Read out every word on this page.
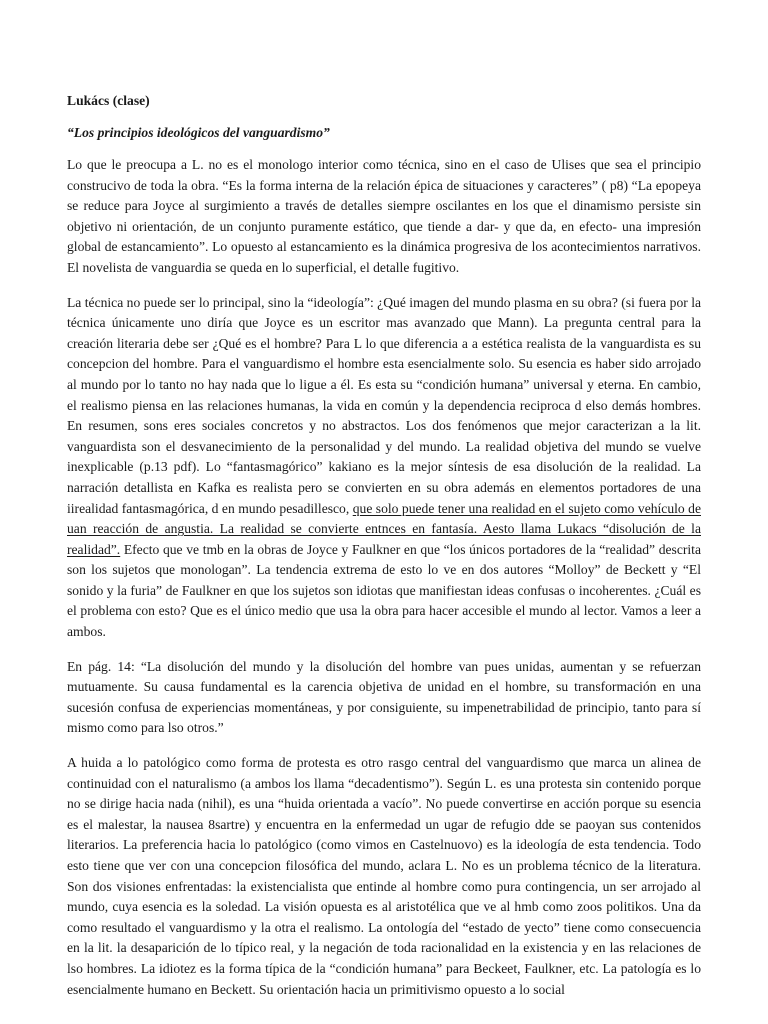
Lukács (clase)
“Los principios ideológicos del vanguardismo”

Lo que le preocupa a L. no es el monologo interior como técnica, sino en el caso de Ulises que sea el principio construcivo de toda la obra. “Es la forma interna de la relación épica de situaciones y caracteres” ( p8) “La epopeya se reduce para Joyce al surgimiento a través de detalles siempre oscilantes en los que el dinamismo persiste sin objetivo ni orientación, de un conjunto puramente estático, que tiende a dar- y que da, en efecto- una impresión global de estancamiento”. Lo opuesto al estancamiento es la dinámica progresiva de los acontecimientos narrativos. El novelista de vanguardia se queda en lo superficial, el detalle fugitivo.

La técnica no puede ser lo principal, sino la “ideología”: ¿Qué imagen del mundo plasma en su obra? (si fuera por la técnica únicamente uno diría que Joyce es un escritor mas avanzado que Mann). La pregunta central para la creación literaria debe ser ¿Qué es el hombre? Para L lo que diferencia a a estética realista de la vanguardista es su concepcion del hombre. Para el vanguardismo el hombre esta esencialmente solo. Su esencia es haber sido arrojado al mundo por lo tanto no hay nada que lo ligue a él. Es esta su “condición humana” universal y eterna. En cambio, el realismo piensa en las relaciones humanas, la vida en común y la dependencia reciproca d elso demás hombres. En resumen, sons eres sociales concretos y no abstractos. Los dos fenómenos que mejor caracterizan a la lit. vanguardista son el desvanecimiento de la personalidad y del mundo. La realidad objetiva del mundo se vuelve inexplicable (p.13 pdf). Lo “fantasmagórico” kakiano es la mejor síntesis de esa disolución de la realidad. La narración detallista en Kafka es realista pero se convierten en su obra además en elementos portadores de una iirealidad fantasmagórica, d en mundo pesadillesco, que solo puede tener una realidad en el sujeto como vehículo de uan reacción de angustia. La realidad se convierte entnces en fantasía. Aesto llama Lukacs “disolución de la realidad”. Efecto que ve tmb en la obras de Joyce y Faulkner en que “los únicos portadores de la “realidad” descrita son los sujetos que monologan”. La tendencia extrema de esto lo ve en dos autores “Molloy” de Beckett y “El sonido y la furia” de Faulkner en que los sujetos son idiotas que manifiestan ideas confusas o incoherentes. ¿Cuál es el problema con esto? Que es el único medio que usa la obra para hacer accesible el mundo al lector. Vamos a leer a ambos.

En pág. 14: “La disolución del mundo y la disolución del hombre van pues unidas, aumentan y se refuerzan mutuamente. Su causa fundamental es la carencia objetiva de unidad en el hombre, su transformación en una sucesión confusa de experiencias momentáneas, y por consiguiente, su impenetrabilidad de principio, tanto para sí mismo como para lso otros.”

A huida a lo patológico como forma de protesta es otro rasgo central del vanguardismo que marca un alinea de continuidad con el naturalismo (a ambos los llama “decadentismo”). Según L. es una protesta sin contenido porque no se dirige hacia nada (nihil), es una “huida orientada a vacío”. No puede convertirse en acción porque su esencia es el malestar, la nausea 8sartre) y encuentra en la enfermedad un ugar de refugio dde se paoyan sus contenidos literarios. La preferencia hacia lo patológico (como vimos en Castelnuovo) es la ideología de esta tendencia. Todo esto tiene que ver con una concepcion filosófica del mundo, aclara L. No es un problema técnico de la literatura. Son dos visiones enfrentadas: la existencialista que entinde al hombre como pura contingencia, un ser arrojado al mundo, cuya esencia es la soledad. La visión opuesta es al aristotélica que ve al hmb como zoos politikos. Una da como resultado el vanguardismo y la otra el realismo. La ontología del “estado de yecto” tiene como consecuencia en la lit. la desaparición de lo típico real, y la negación de toda racionalidad en la existencia y en las relaciones de lso hombres. La idiotez es la forma típica de la “condición humana” para Beckeet, Faulkner, etc. La patología es lo esencialmente humano en Beckett. Su orientación hacia un primitivismo opuesto a lo social
